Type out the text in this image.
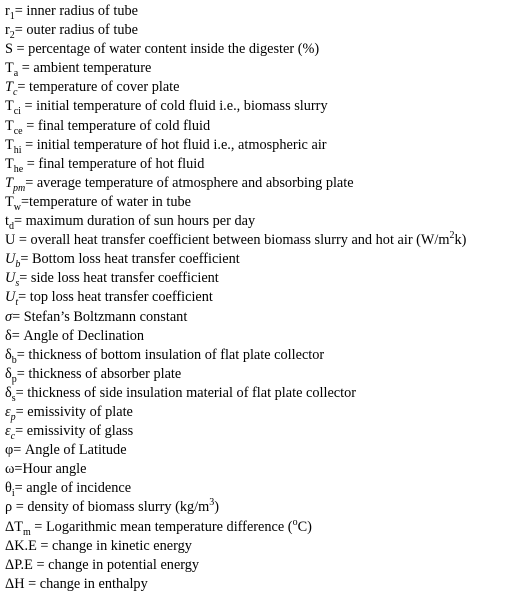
$r_1=$ inner radius of tube
$r_2=$ outer radius of tube
S = percentage of water content inside the digester (%)
$T_a$ = ambient temperature
$T_c=$ temperature of cover plate
$T_{ci}$ = initial temperature of cold fluid i.e., biomass slurry
$T_{ce}$ = final temperature of cold fluid
$T_{hi}$ = initial temperature of hot fluid i.e., atmospheric air
$T_{he}$ = final temperature of hot fluid
$T_{pm}=$ average temperature of atmosphere and absorbing plate
$T_w=temperature$ of water in tube
$t_d=$ maximum duration of sun hours per day
U = overall heat transfer coefficient between biomass slurry and hot air $(W/m^2k)$
$U_b=$ Bottom loss heat transfer coefficient
$U_s=$ side loss heat transfer coefficient
$U_t=$ top loss heat transfer coefficient
σ= Stefan’s Boltzmann constant
δ= Angle of Declination
$\delta_b=$ thickness of bottom insulation of flat plate collector
$\delta_p=$ thickness of absorber plate
$\delta_s=$ thickness of side insulation material of flat plate collector
$\varepsilon_p=$ emissivity of plate
$\varepsilon_c=$ emissivity of glass
φ= Angle of Latitude
ω=Hour angle
$\theta_i=$ angle of incidence
ρ = density of biomass slurry $(kg/m^3)$
$\Delta T_m$ = Logarithmic mean temperature difference ($^o$C)
ΔK.E = change in kinetic energy
ΔP.E = change in potential energy
ΔH = change in enthalpy
